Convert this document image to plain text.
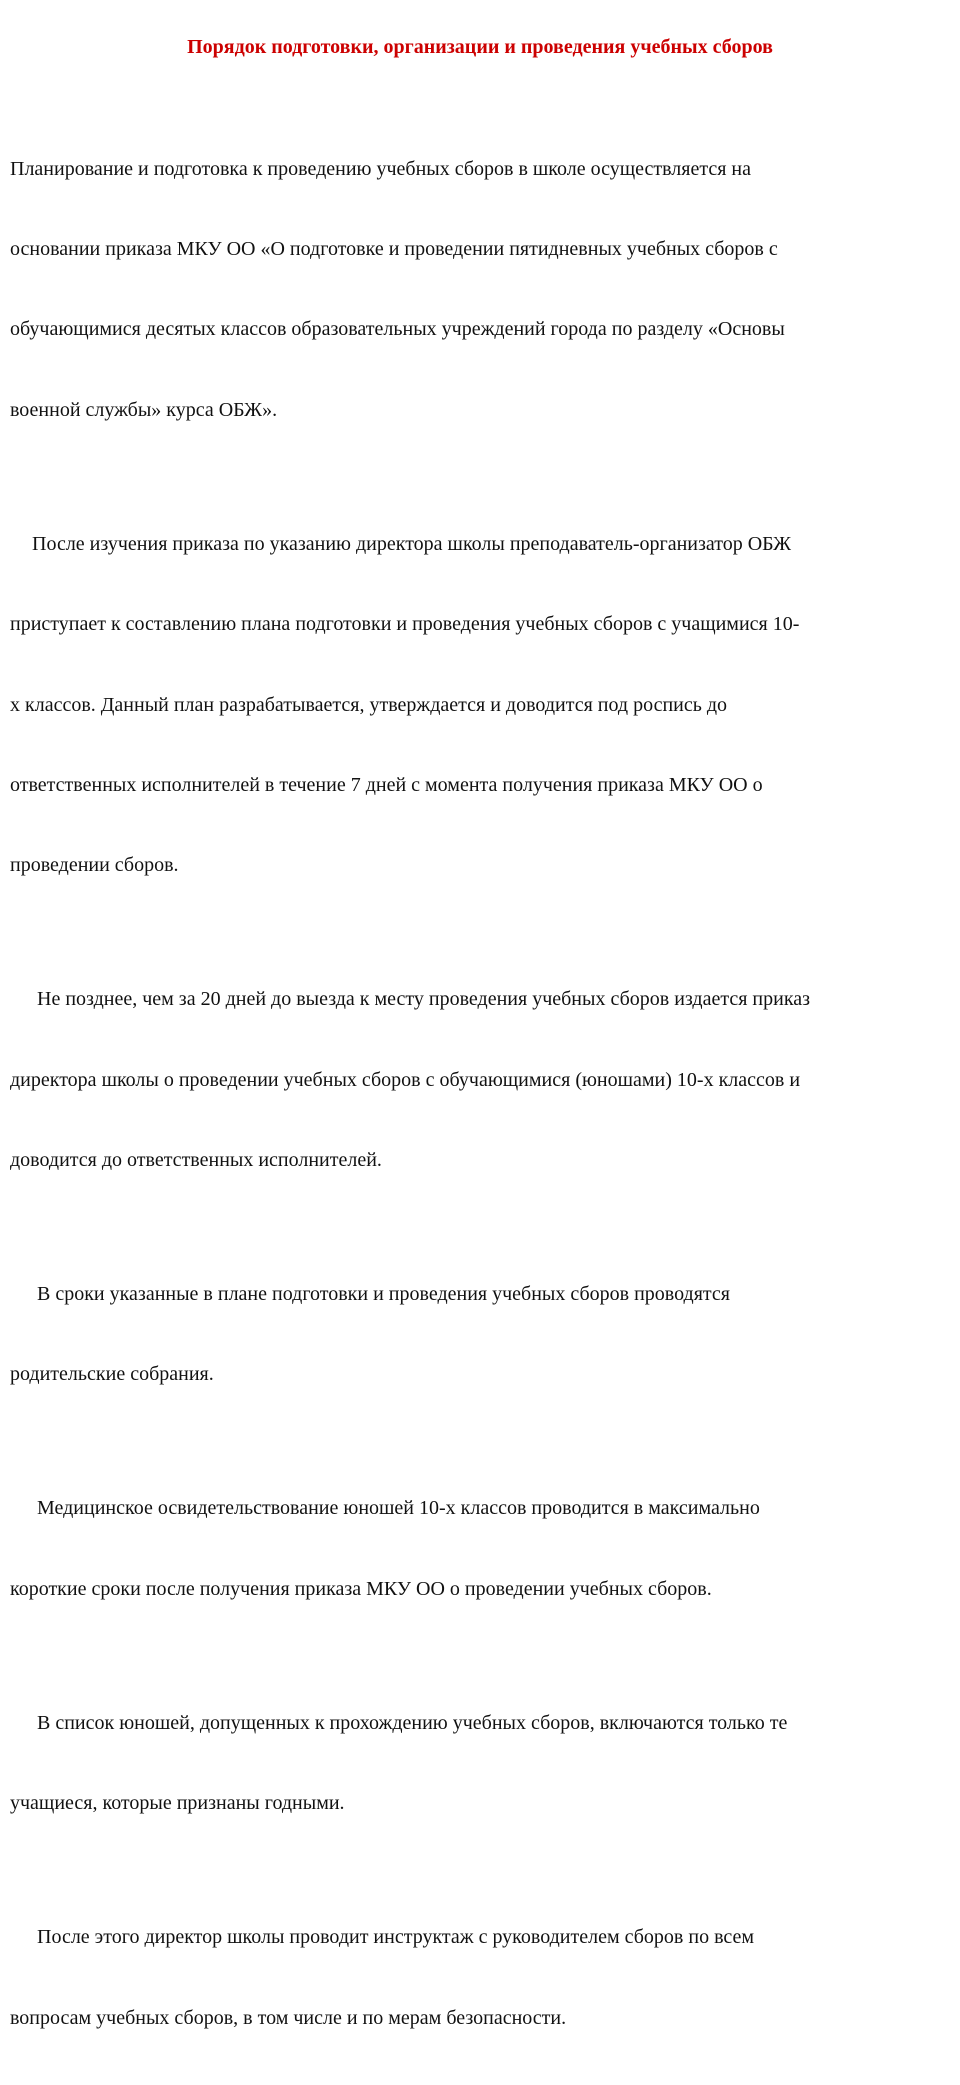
Порядок подготовки, организации и проведения учебных сборов

Планирование и подготовка к проведению учебных сборов в школе осуществляется на

основании приказа МКУ ОО «О подготовке и проведении пятидневных учебных сборов с

обучающимися десятых классов образовательных учреждений города по разделу «Основы

военной службы» курса ОБЖ».

После изучения приказа по указанию директора школы преподаватель-организатор ОБЖ

приступает к составлению плана подготовки и проведения учебных сборов с учащимися 10-

х классов. Данный план разрабатывается, утверждается и доводится под роспись до

ответственных исполнителей в течение 7 дней с момента получения приказа МКУ ОО о

проведении сборов.

Не позднее, чем за 20 дней до выезда к месту проведения учебных сборов издается приказ

директора школы о проведении учебных сборов с обучающимися (юношами) 10-х классов и

доводится до ответственных исполнителей.

В сроки указанные в плане подготовки и проведения учебных сборов проводятся

родительские собрания.

Медицинское освидетельствование юношей 10-х классов проводится в максимально

короткие сроки после получения приказа МКУ ОО о проведении учебных сборов.

В список юношей, допущенных к прохождению учебных сборов, включаются только те

учащиеся, которые признаны годными.

После этого директор школы проводит инструктаж с руководителем сборов по всем

вопросам учебных сборов, в том числе и по мерам безопасности.
